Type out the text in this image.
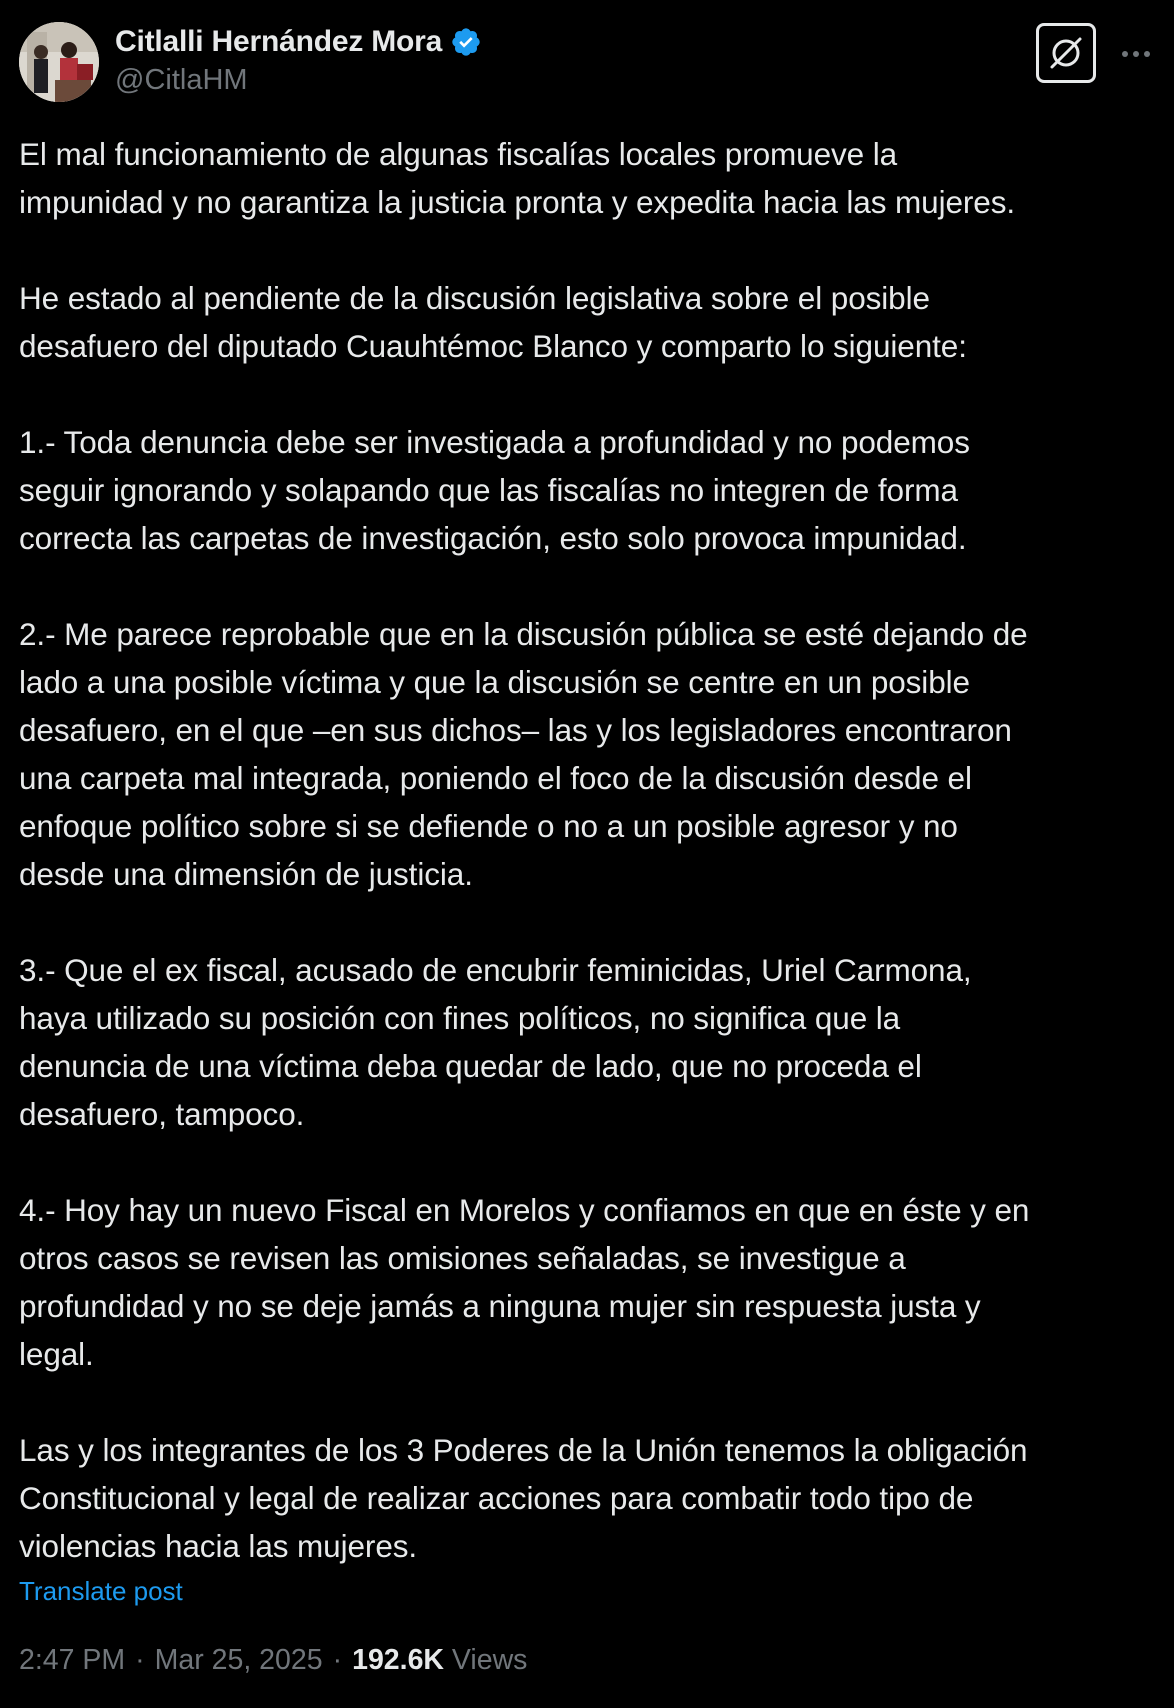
Citlalli Hernández Mora
@CitlaHM

El mal funcionamiento de algunas fiscalías locales promueve la
impunidad y no garantiza la justicia pronta y expedita hacia las mujeres.

He estado al pendiente de la discusión legislativa sobre el posible
desafuero del diputado Cuauhtémoc Blanco y comparto lo siguiente:

1.- Toda denuncia debe ser investigada a profundidad y no podemos
seguir ignorando y solapando que las fiscalías no integren de forma
correcta las carpetas de investigación, esto solo provoca impunidad.

2.- Me parece reprobable que en la discusión pública se esté dejando de
lado a una posible víctima y que la discusión se centre en un posible
desafuero, en el que –en sus dichos– las y los legisladores encontraron
una carpeta mal integrada, poniendo el foco de la discusión desde el
enfoque político sobre si se defiende o no a un posible agresor y no
desde una dimensión de justicia.

3.- Que el ex fiscal, acusado de encubrir feminicidas, Uriel Carmona,
haya utilizado su posición con fines políticos, no significa que la
denuncia de una víctima deba quedar de lado, que no proceda el
desafuero, tampoco.

4.- Hoy hay un nuevo Fiscal en Morelos y confiamos en que en éste y en
otros casos se revisen las omisiones señaladas, se investigue a
profundidad y no se deje jamás a ninguna mujer sin respuesta justa y
legal.

Las y los integrantes de los 3 Poderes de la Unión tenemos la obligación
Constitucional y legal de realizar acciones para combatir todo tipo de
violencias hacia las mujeres.

Translate post
2:47 PM · Mar 25, 2025 · 192.6K Views
